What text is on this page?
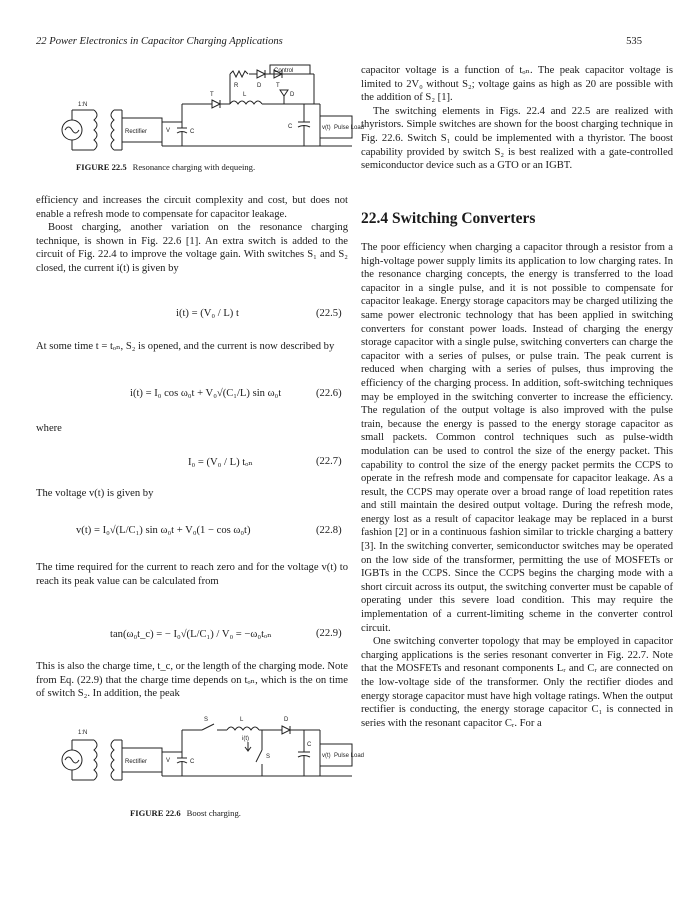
22 Power Electronics in Capacitor Charging Applications	535
Control
R	D T
1:N
T	L	D
Rectifier	V	C
C	v(t) Pulse Load
FIGURE 22.5 Resonance charging with dequeing.

efficiency and increases the circuit complexity and cost, but does not enable a refresh mode to compensate for capacitor leakage.

Boost charging, another variation on the resonance charging technique, is shown in Fig. 22.6 [1]. An extra switch is added to the circuit of Fig. 22.4 to improve the voltage gain. With switches S₁ and S₂ closed, the current i(t) is given by

i(t) = (V₀ / L) t	(22.5)
At some time t = tₒₙ, S₂ is opened, and the current is now described by
i(t) = I₀ cos ω₀t + V₀√(C₁/L) sin ω₀t	(22.6)
where
I₀ = (V₀ / L) tₒₙ	(22.7)
The voltage v(t) is given by
v(t) = I₀√(L/C₁) sin ω₀t + V₀(1 − cos ω₀t)	(22.8)
The time required for the current to reach zero and for the voltage v(t) to reach its peak value can be calculated from
tan(ω₀t_c) = − I₀√(L/C₁) / V₀ = −ω₀tₒₙ	(22.9)
This is also the charge time, t_c, or the length of the charging mode. Note from Eq. (22.9) that the charge time depends on tₒₙ, which is the on time of switch S₂. In addition, the peak
1:N
S	L	D
i(t)
Rectifier	V	C
S
C
v(t) Pulse Load
FIGURE 22.6 Boost charging.

capacitor voltage is a function of tₒₙ. The peak capacitor voltage is limited to 2V₀ without S₂; voltage gains as high as 20 are possible with the addition of S₂ [1].

The switching elements in Figs. 22.4 and 22.5 are realized with thyristors. Simple switches are shown for the boost charging technique in Fig. 22.6. Switch S₁ could be implemented with a thyristor. The boost capability provided by switch S₂ is best realized with a gate-controlled semiconductor device such as a GTO or an IGBT.

22.4 Switching Converters

The poor efficiency when charging a capacitor through a resistor from a high-voltage power supply limits its application to low charging rates. In the resonance charging concepts, the energy is transferred to the load capacitor in a single pulse, and it is not possible to compensate for capacitor leakage. Energy storage capacitors may be charged utilizing the same power electronic technology that has been applied in switching converters for constant power loads. Instead of charging the energy storage capacitor with a single pulse, switching converters can charge the capacitor with a series of pulses, or pulse train. The peak current is reduced when charging with a series of pulses, thus improving the efficiency of the charging process. In addition, soft-switching techniques may be employed in the switching converter to increase the efficiency. The regulation of the output voltage is also improved with the pulse train, because the energy is passed to the energy storage capacitor as small packets. Common control techniques such as pulse-width modulation can be used to control the size of the energy packet. This capability to control the size of the energy packet permits the CCPS to operate in the refresh mode and compensate for capacitor leakage. As a result, the CCPS may operate over a broad range of load repetition rates and still maintain the desired output voltage. During the refresh mode, energy lost as a result of capacitor leakage may be replaced in a burst fashion [2] or in a continuous fashion similar to trickle charging a battery [3]. In the switching converter, semiconductor switches may be operated on the low side of the transformer, permitting the use of MOSFETs or IGBTs in the CCPS. Since the CCPS begins the charging mode with a short circuit across its output, the switching converter must be capable of operating under this severe load condition. This may require the implementation of a current-limiting scheme in the converter control circuit.

One switching converter topology that may be employed in capacitor charging applications is the series resonant converter in Fig. 22.7. Note that the MOSFETs and resonant components Lᵣ and Cᵣ are connected on the low-voltage side of the transformer. Only the rectifier diodes and energy storage capacitor must have high voltage ratings. When the output rectifier is conducting, the energy storage capacitor C₁ is connected in series with the resonant capacitor Cᵣ. For a
